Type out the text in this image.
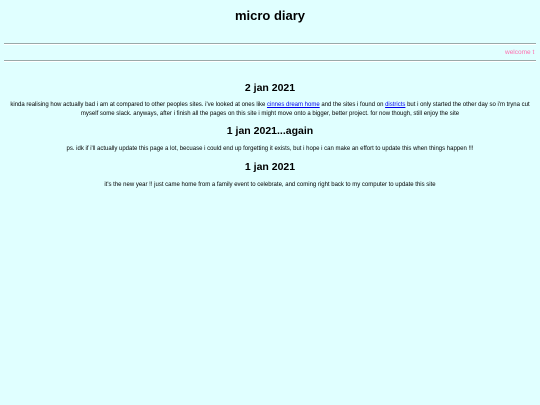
micro diary
welcome t
2 jan 2021

kinda realising how actually bad i am at compared to other peoples sites. i've looked at ones like cinnes dream home and the sites i found on districts but i only started the other day so i'm tryna cut myself some slack. anyways, after i finish all the pages on this site i might move onto a bigger, better project. for now though, still enjoy the site

1 jan 2021...again

ps. idk if i'll actually update this page a lot, becuase i could end up forgetting it exists, but i hope i can make an effort to update this when things happen !!!

1 jan 2021

it's the new year !! just came home from a family event to celebrate, and coming right back to my computer to update this site
